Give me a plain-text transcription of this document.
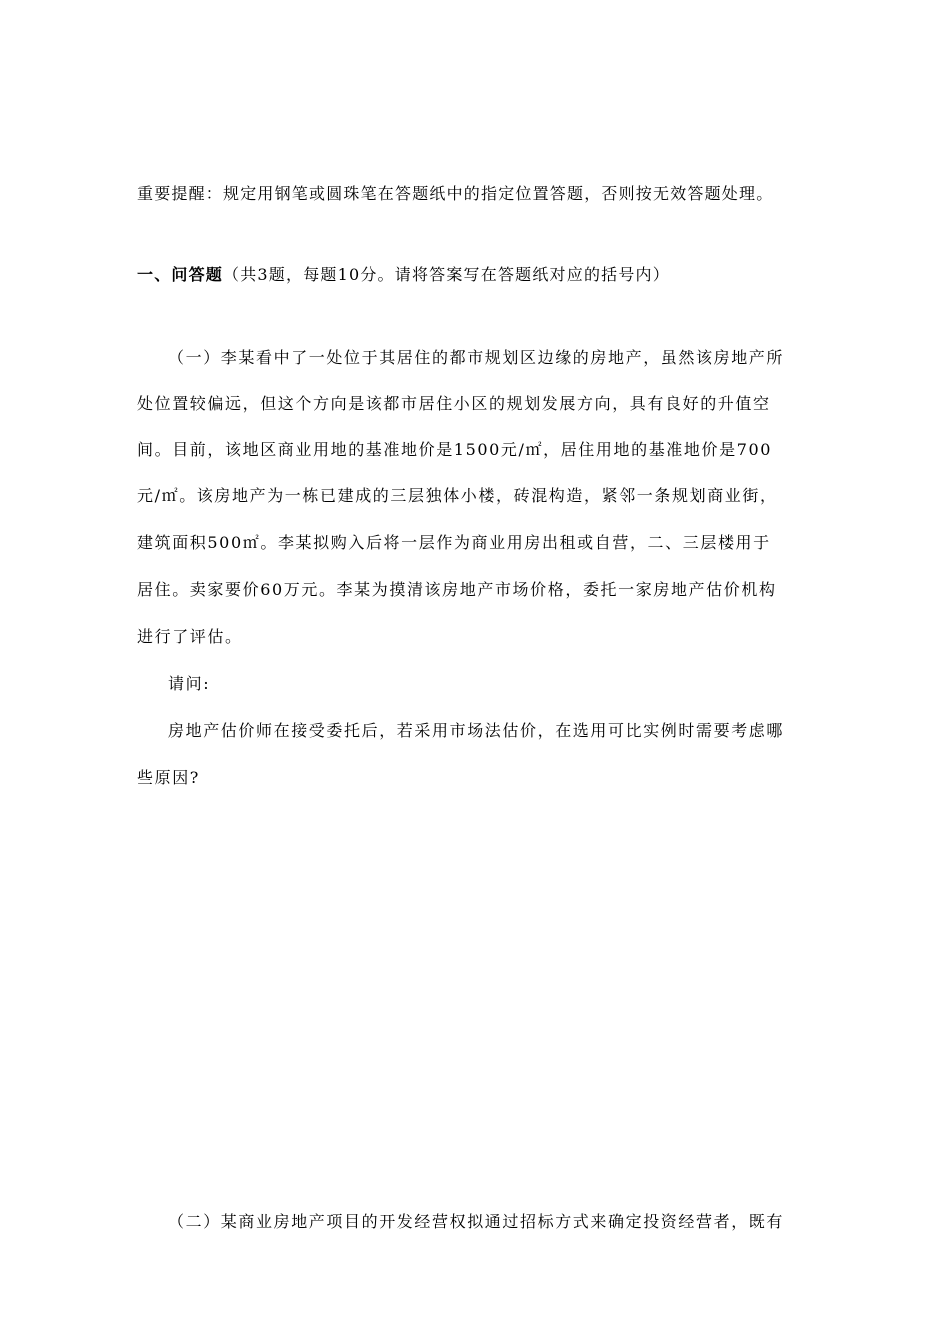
重要提醒：规定用钢笔或圆珠笔在答题纸中的指定位置答题，否则按无效答题处理。
一、问答题（共3题，每题10分。请将答案写在答题纸对应的括号内）
（一）李某看中了一处位于其居住的都市规划区边缘的房地产，虽然该房地产所
处位置较偏远，但这个方向是该都市居住小区的规划发展方向，具有良好的升值空
间。目前，该地区商业用地的基准地价是1500元/㎡，居住用地的基准地价是700
元/㎡。该房地产为一栋已建成的三层独体小楼，砖混构造，紧邻一条规划商业街，
建筑面积500㎡。李某拟购入后将一层作为商业用房出租或自营，二、三层楼用于
居住。卖家要价60万元。李某为摸清该房地产市场价格，委托一家房地产估价机构
进行了评估。
请问:
房地产估价师在接受委托后，若采用市场法估价，在选用可比实例时需要考虑哪
些原因?
（二）某商业房地产项目的开发经营权拟通过招标方式来确定投资经营者，既有
